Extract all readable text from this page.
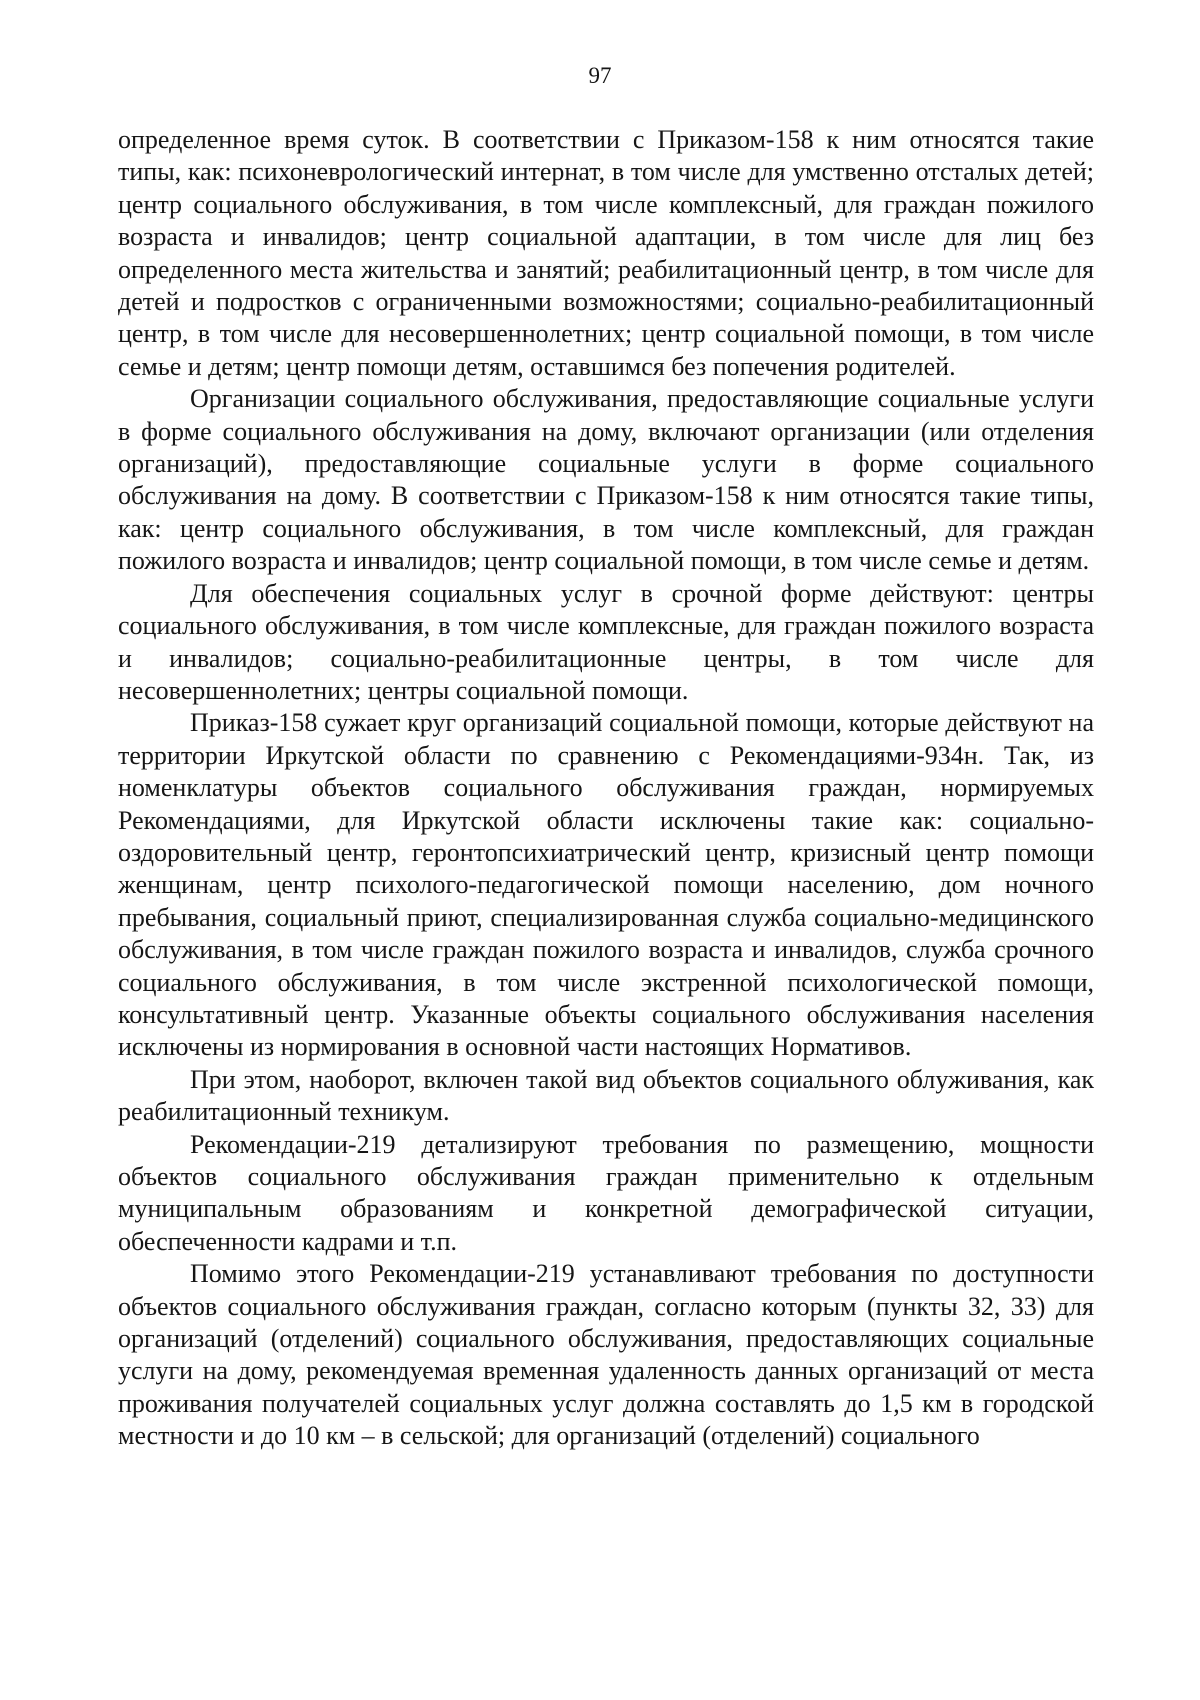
97

определенное время суток. В соответствии с Приказом-158 к ним относятся такие типы, как: психоневрологический интернат, в том числе для умственно отсталых детей; центр социального обслуживания, в том числе комплексный, для граждан пожилого возраста и инвалидов; центр социальной адаптации, в том числе для лиц без определенного места жительства и занятий; реабилитационный центр, в том числе для детей и подростков с ограниченными возможностями; социально-реабилитационный центр, в том числе для несовершеннолетних; центр социальной помощи, в том числе семье и детям; центр помощи детям, оставшимся без попечения родителей.

Организации социального обслуживания, предоставляющие социальные услуги в форме социального обслуживания на дому, включают организации (или отделения организаций), предоставляющие социальные услуги в форме социального обслуживания на дому. В соответствии с Приказом-158 к ним относятся такие типы, как: центр социального обслуживания, в том числе комплексный, для граждан пожилого возраста и инвалидов; центр социальной помощи, в том числе семье и детям.

Для обеспечения социальных услуг в срочной форме действуют: центры социального обслуживания, в том числе комплексные, для граждан пожилого возраста и инвалидов; социально-реабилитационные центры, в том числе для несовершеннолетних; центры социальной помощи.

Приказ-158 сужает круг организаций социальной помощи, которые действуют на территории Иркутской области по сравнению с Рекомендациями-934н. Так, из номенклатуры объектов социального обслуживания граждан, нормируемых Рекомендациями, для Иркутской области исключены такие как: социально-оздоровительный центр, геронтопсихиатрический центр, кризисный центр помощи женщинам, центр психолого-педагогической помощи населению, дом ночного пребывания, социальный приют, специализированная служба социально-медицинского обслуживания, в том числе граждан пожилого возраста и инвалидов, служба срочного социального обслуживания, в том числе экстренной психологической помощи, консультативный центр. Указанные объекты социального обслуживания населения исключены из нормирования в основной части настоящих Нормативов.

При этом, наоборот, включен такой вид объектов социального облуживания, как реабилитационный техникум.

Рекомендации-219 детализируют требования по размещению, мощности объектов социального обслуживания граждан применительно к отдельным муниципальным образованиям и конкретной демографической ситуации, обеспеченности кадрами и т.п.

Помимо этого Рекомендации-219 устанавливают требования по доступности объектов социального обслуживания граждан, согласно которым (пункты 32, 33) для организаций (отделений) социального обслуживания, предоставляющих социальные услуги на дому, рекомендуемая временная удаленность данных организаций от места проживания получателей социальных услуг должна составлять до 1,5 км в городской местности и до 10 км – в сельской; для организаций (отделений) социального
